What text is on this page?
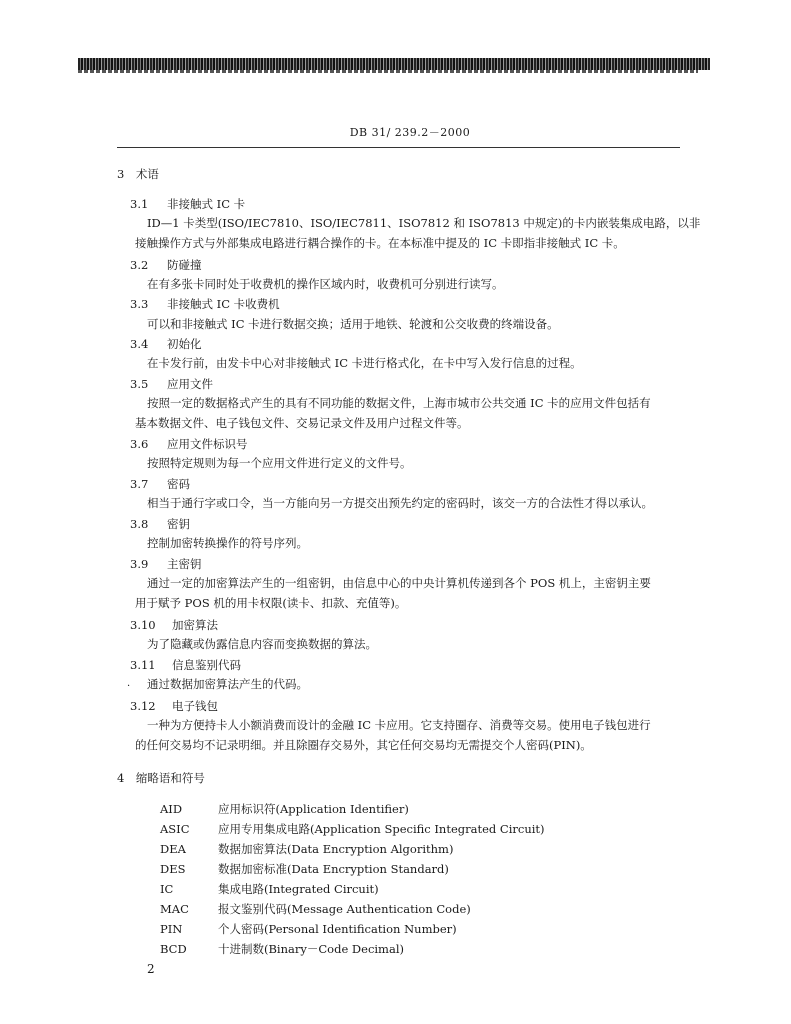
DB 31/ 239.2－2000
3　术语
3.1 非接触式 IC 卡
ID—1 卡类型(ISO/IEC7810、ISO/IEC7811、ISO7812 和 ISO7813 中规定)的卡内嵌装集成电路，以非
接触操作方式与外部集成电路进行耦合操作的卡。在本标准中提及的 IC 卡即指非接触式 IC 卡。
3.2 防碰撞
在有多张卡同时处于收费机的操作区域内时，收费机可分别进行读写。
3.3 非接触式 IC 卡收费机
可以和非接触式 IC 卡进行数据交换；适用于地铁、轮渡和公交收费的终端设备。
3.4 初始化
在卡发行前，由发卡中心对非接触式 IC 卡进行格式化，在卡中写入发行信息的过程。
3.5 应用文件
按照一定的数据格式产生的具有不同功能的数据文件，上海市城市公共交通 IC 卡的应用文件包括有
基本数据文件、电子钱包文件、交易记录文件及用户过程文件等。
3.6 应用文件标识号
按照特定规则为每一个应用文件进行定义的文件号。
3.7 密码
相当于通行字或口令，当一方能向另一方提交出预先约定的密码时，该交一方的合法性才得以承认。
3.8 密钥
控制加密转换操作的符号序列。
3.9 主密钥
通过一定的加密算法产生的一组密钥，由信息中心的中央计算机传递到各个 POS 机上，主密钥主要
用于赋予 POS 机的用卡权限(读卡、扣款、充值等)。
3.10 加密算法
为了隐藏或伪露信息内容而变换数据的算法。
3.11 信息鉴别代码
· 通过数据加密算法产生的代码。
3.12 电子钱包
一种为方便持卡人小额消费而设计的金融 IC 卡应用。它支持圈存、消费等交易。使用电子钱包进行
的任何交易均不记录明细。并且除圈存交易外，其它任何交易均无需提交个人密码(PIN)。
4　缩略语和符号
AID	应用标识符(Application Identifier)
ASIC	应用专用集成电路(Application Specific Integrated Circuit)
DEA	数据加密算法(Data Encryption Algorithm)
DES	数据加密标准(Data Encryption Standard)
IC	集成电路(Integrated Circuit)
MAC	报文鉴别代码(Message Authentication Code)
PIN	个人密码(Personal Identification Number)
BCD	十进制数(Binary－Code Decimal)
2
